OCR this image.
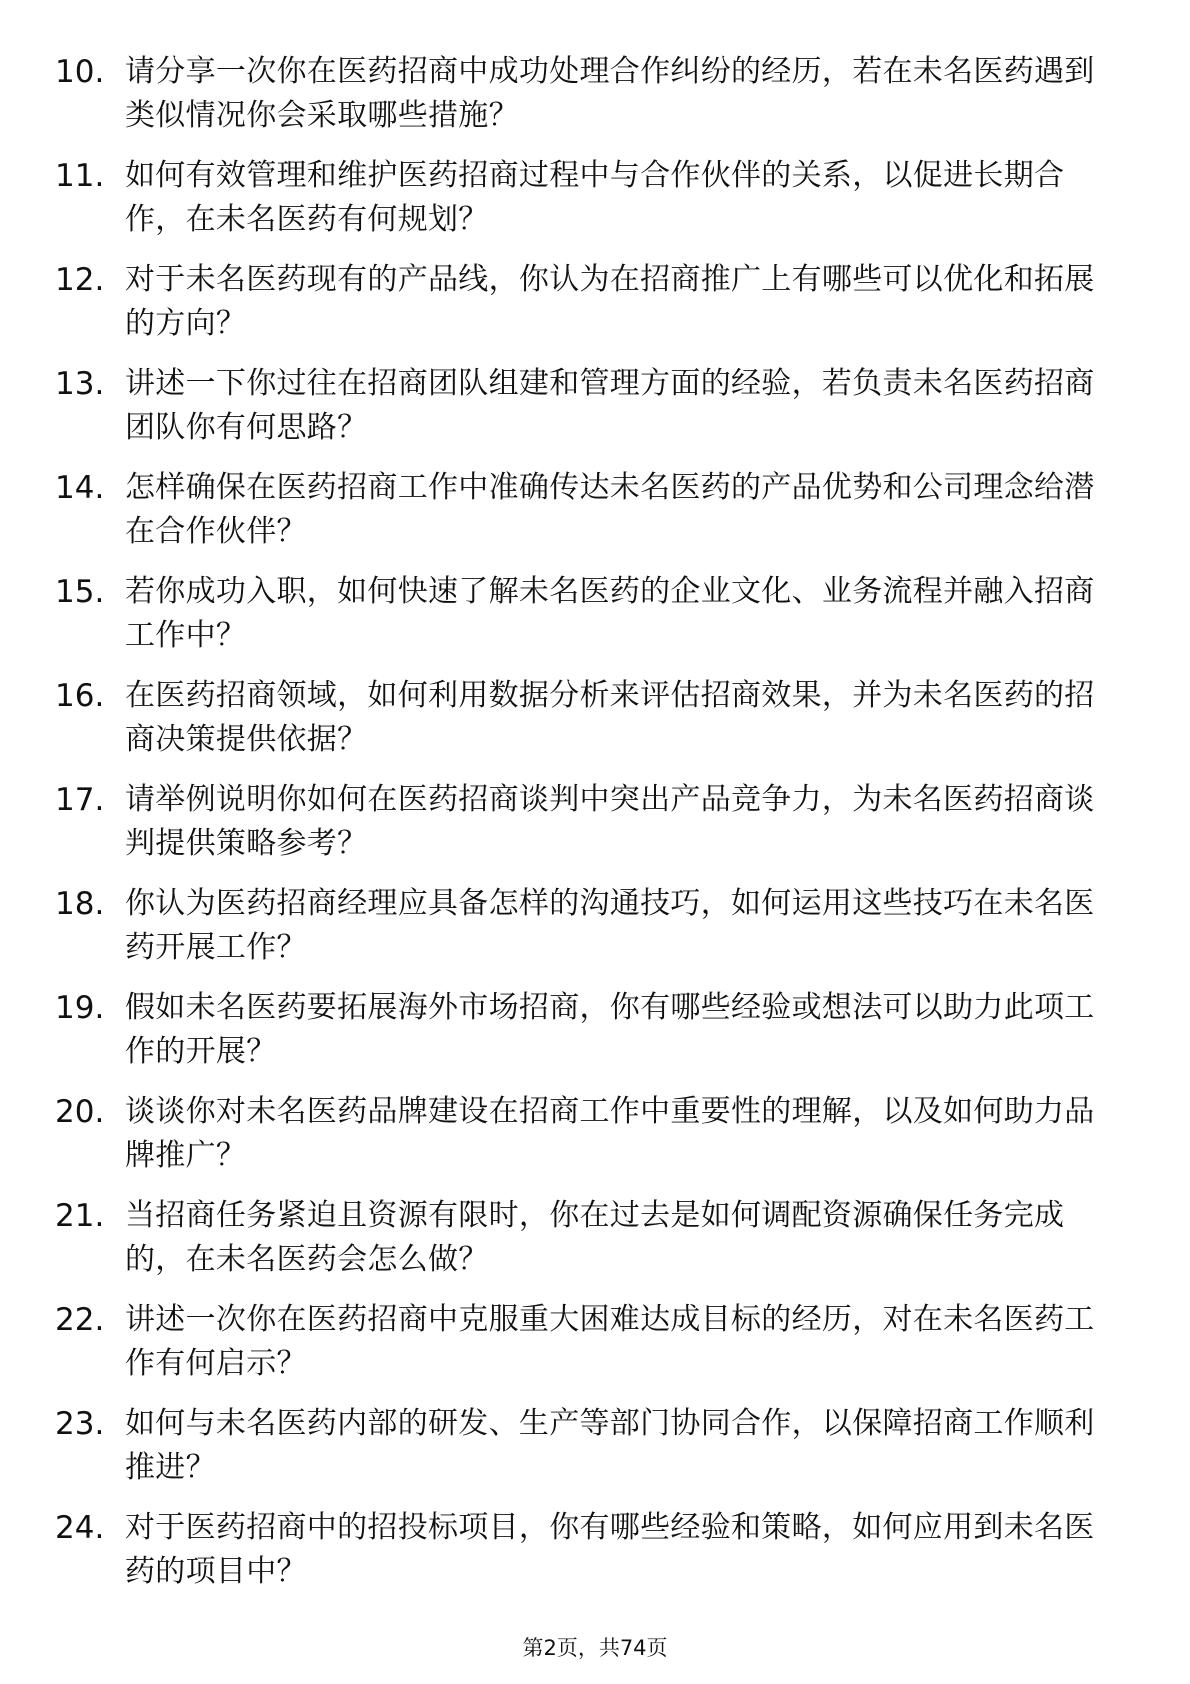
10. 请分享一次你在医药招商中成功处理合作纠纷的经历，若在未名医药遇到类似情况你会采取哪些措施？
11. 如何有效管理和维护医药招商过程中与合作伙伴的关系，以促进长期合作，在未名医药有何规划？
12. 对于未名医药现有的产品线，你认为在招商推广上有哪些可以优化和拓展的方向？
13. 讲述一下你过往在招商团队组建和管理方面的经验，若负责未名医药招商团队你有何思路？
14. 怎样确保在医药招商工作中准确传达未名医药的产品优势和公司理念给潜在合作伙伴？
15. 若你成功入职，如何快速了解未名医药的企业文化、业务流程并融入招商工作中？
16. 在医药招商领域，如何利用数据分析来评估招商效果，并为未名医药的招商决策提供依据？
17. 请举例说明你如何在医药招商谈判中突出产品竞争力，为未名医药招商谈判提供策略参考？
18. 你认为医药招商经理应具备怎样的沟通技巧，如何运用这些技巧在未名医药开展工作？
19. 假如未名医药要拓展海外市场招商，你有哪些经验或想法可以助力此项工作的开展？
20. 谈谈你对未名医药品牌建设在招商工作中重要性的理解，以及如何助力品牌推广？
21. 当招商任务紧迫且资源有限时，你在过去是如何调配资源确保任务完成的，在未名医药会怎么做？
22. 讲述一次你在医药招商中克服重大困难达成目标的经历，对在未名医药工作有何启示？
23. 如何与未名医药内部的研发、生产等部门协同合作，以保障招商工作顺利推进？
24. 对于医药招商中的招投标项目，你有哪些经验和策略，如何应用到未名医药的项目中？
第2页，共74页
